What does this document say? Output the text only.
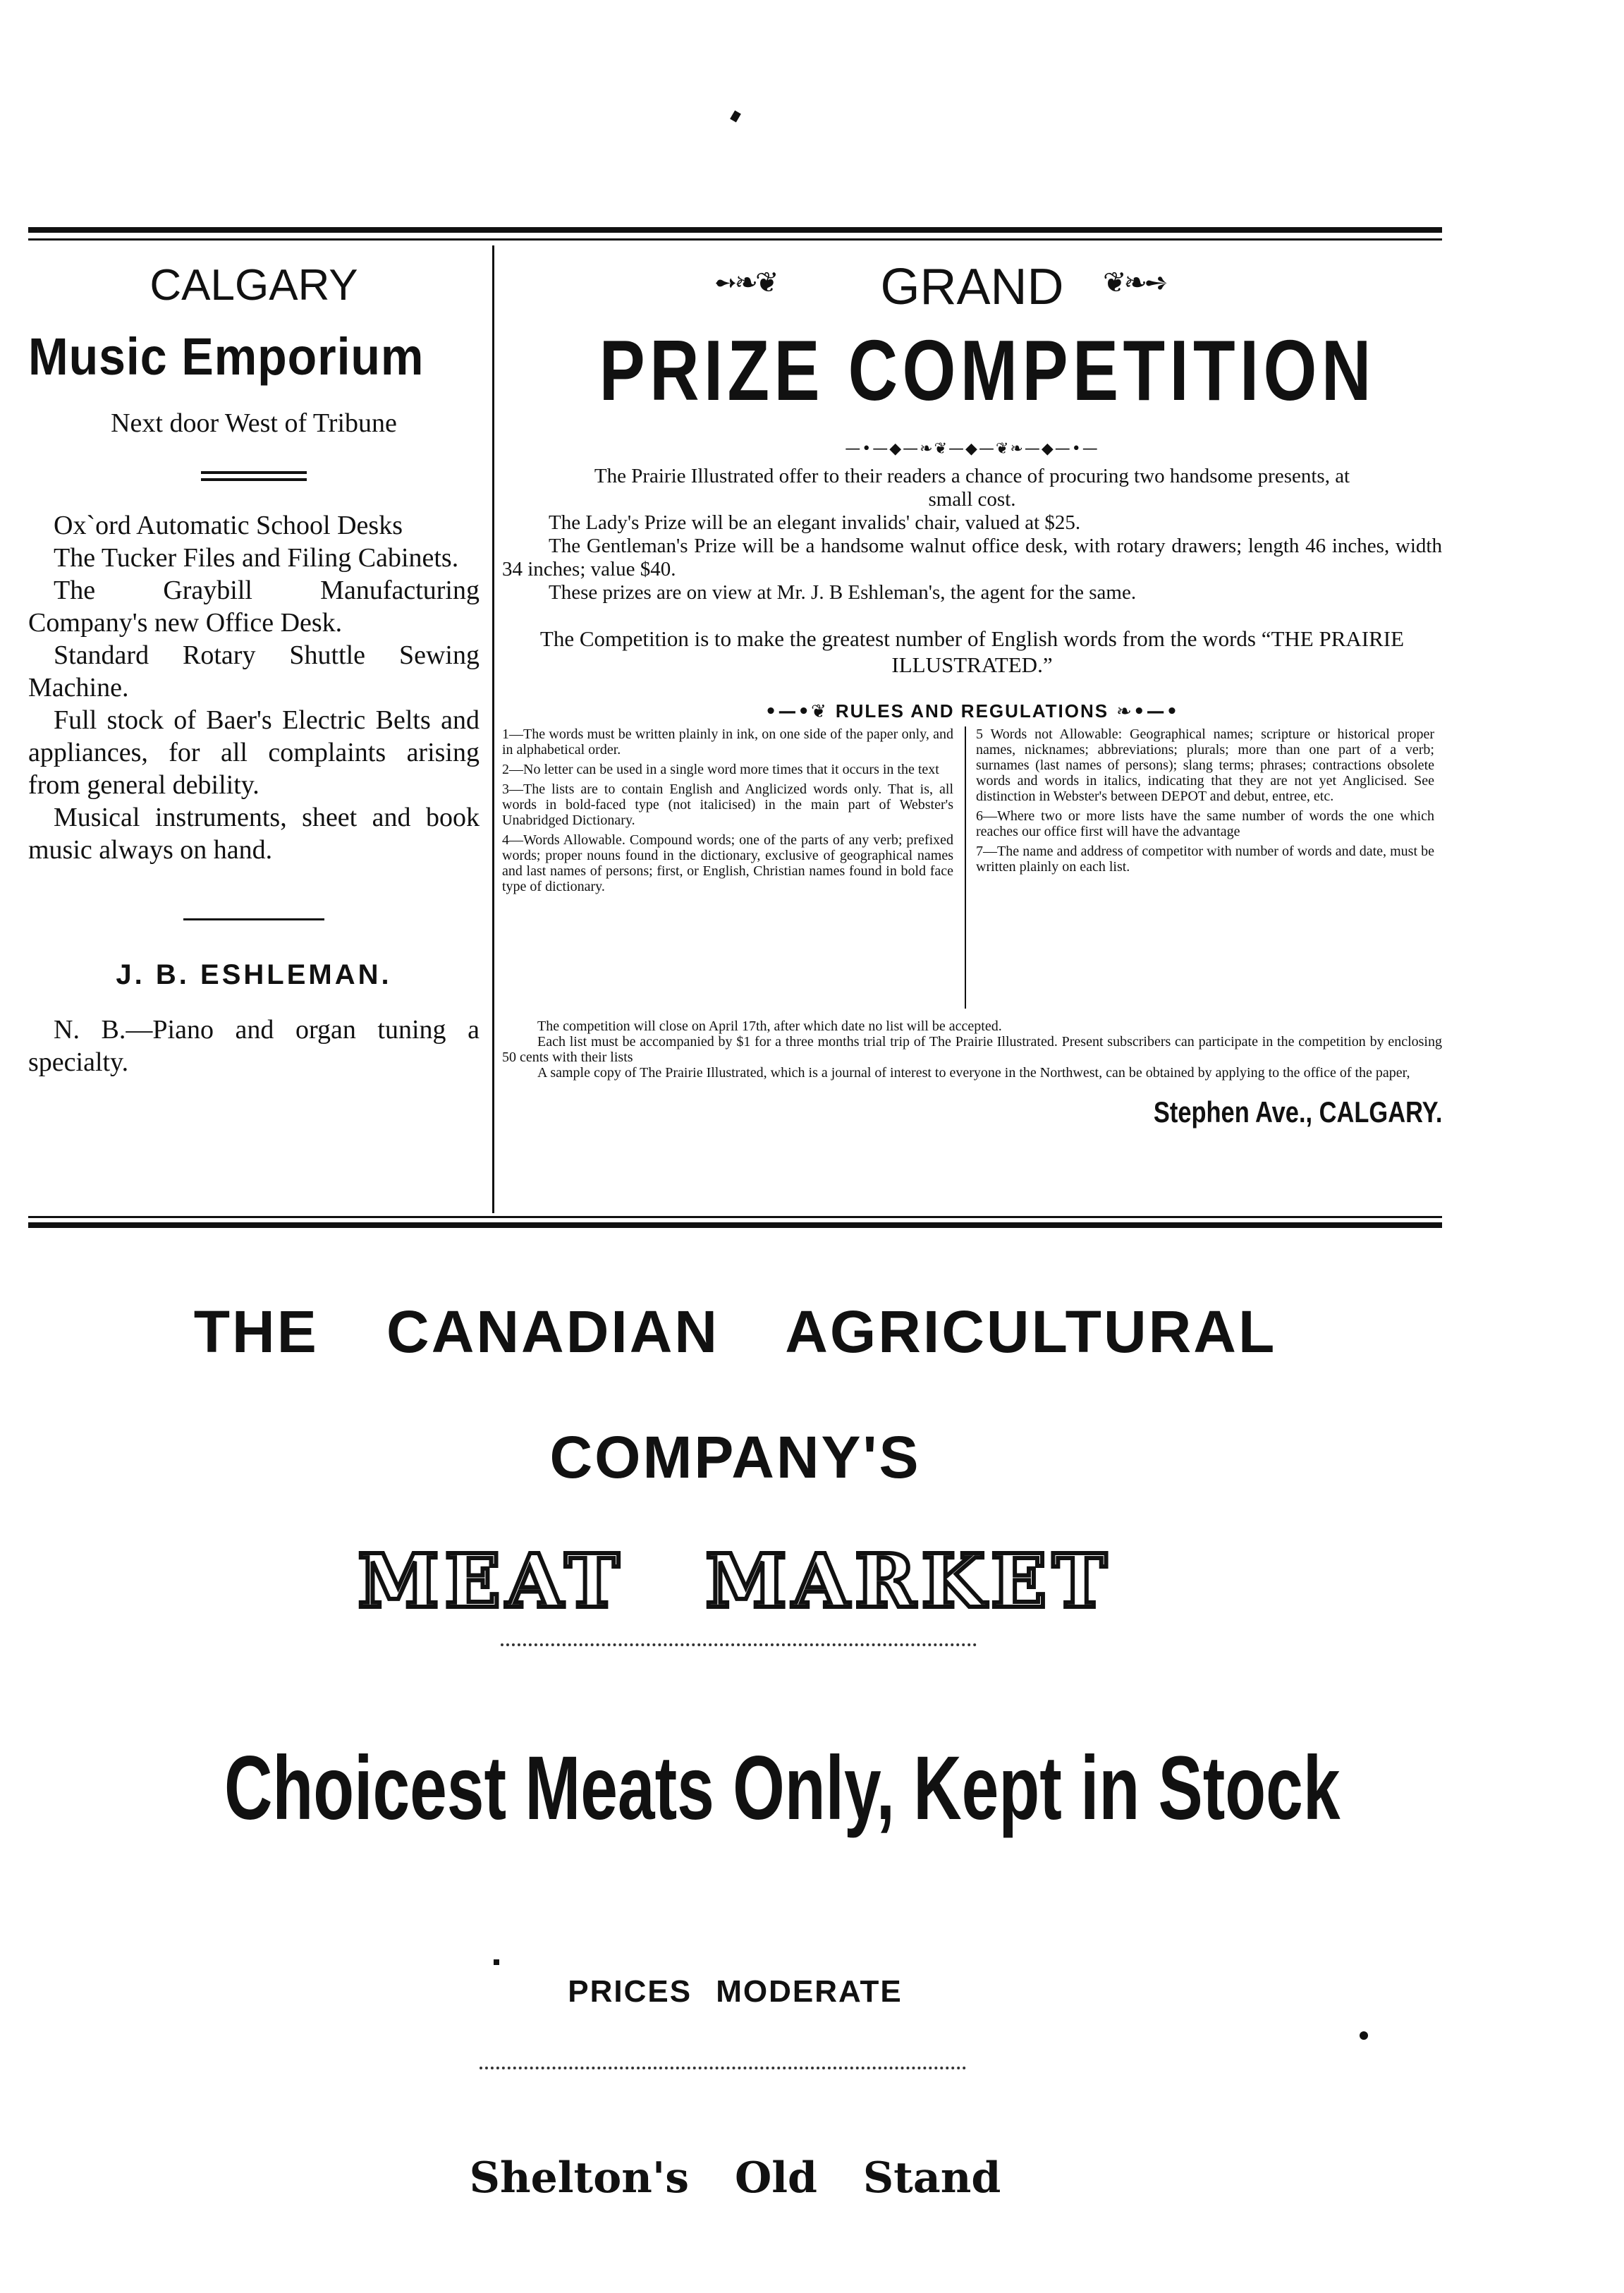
CALGARY
Music Emporium
Next door West of Tribune

Ox`ord Automatic School Desks

The Tucker Files and Filing Cabinets.

The Graybill Manufacturing Company's new Office Desk.

Standard Rotary Shuttle Sewing Machine.

Full stock of Baer's Electric Belts and appliances, for all complaints arising from general debility.

Musical instruments, sheet and book music always on hand.

J. B. ESHLEMAN.
N. B.—Piano and organ tuning a specialty.
➻❧❦ GRAND ❦❧➺
PRIZE COMPETITION
—•—◆—❧❦—◆—❦❧—◆—•—
The Prairie Illustrated offer to their readers a chance of procuring two handsome presents, at small cost.
The Lady's Prize will be an elegant invalids' chair, valued at $25.
The Gentleman's Prize will be a handsome walnut office desk, with rotary drawers; length 46 inches, width 34 inches; value $40.
These prizes are on view at Mr. J. B Eshleman's, the agent for the same.
The Competition is to make the greatest number of English words from the words “THE PRAIRIE ILLUSTRATED.”
•—•❦ RULES AND REGULATIONS ❧•—•

1—The words must be written plainly in ink, on one side of the paper only, and in alphabetical order.

2—No letter can be used in a single word more times that it occurs in the text

3—The lists are to contain English and Anglicized words only. That is, all words in bold-faced type (not italicised) in the main part of Webster's Unabridged Dictionary.

4—Words Allowable. Compound words; one of the parts of any verb; prefixed words; proper nouns found in the dictionary, exclusive of geographical names and last names of persons; first, or English, Christian names found in bold face type of dictionary.

5 Words not Allowable: Geographical names; scripture or historical proper names, nicknames; abbreviations; plurals; more than one part of a verb; surnames (last names of persons); slang terms; phrases; contractions obsolete words and words in italics, indicating that they are not yet Anglicised. See distinction in Webster's between DEPOT and debut, entree, etc.

6—Where two or more lists have the same number of words the one which reaches our office first will have the advantage

7—The name and address of competitor with number of words and date, must be written plainly on each list.

The competition will close on April 17th, after which date no list will be accepted.
Each list must be accompanied by $1 for a three months trial trip of The Prairie Illustrated. Present subscribers can participate in the competition by enclosing 50 cents with their lists
A sample copy of The Prairie Illustrated, which is a journal of interest to everyone in the Northwest, can be obtained by applying to the office of the paper,
Stephen Ave., CALGARY.
THE CANADIAN AGRICULTURAL
COMPANY'S
MEAT MARKET
Choicest Meats Only, Kept in Stock
PRICES MODERATE
Shelton's Old Stand
